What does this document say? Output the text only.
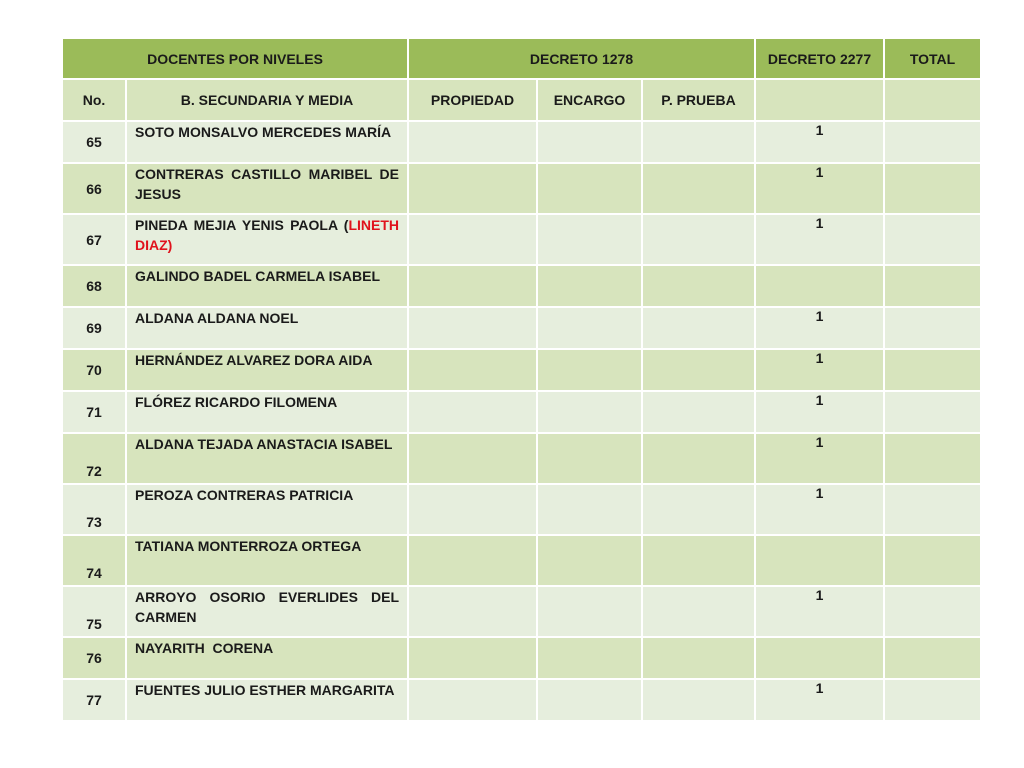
DOCENTES POR NIVELES		DECRETO 1278			DECRETO 2277	TOTAL
No.	B. SECUNDARIA Y MEDIA	PROPIEDAD	ENCARGO	P. PRUEBA		
65	SOTO MONSALVO MERCEDES MARÍA				1	
66	CONTRERAS CASTILLO MARIBEL DE JESUS				1	
67	PINEDA MEJIA YENIS PAOLA (LINETH DIAZ)				1	
68	GALINDO BADEL CARMELA ISABEL					
69	ALDANA ALDANA NOEL				1	
70	HERNÁNDEZ ALVAREZ DORA AIDA				1	
71	FLÓREZ RICARDO FILOMENA				1	
72	ALDANA TEJADA ANASTACIA ISABEL				1	
73	PEROZA CONTRERAS PATRICIA				1	
74	TATIANA MONTERROZA ORTEGA					
75	ARROYO OSORIO EVERLIDES DEL CARMEN				1	
76	NAYARITH  CORENA					
77	FUENTES JULIO ESTHER MARGARITA				1	
